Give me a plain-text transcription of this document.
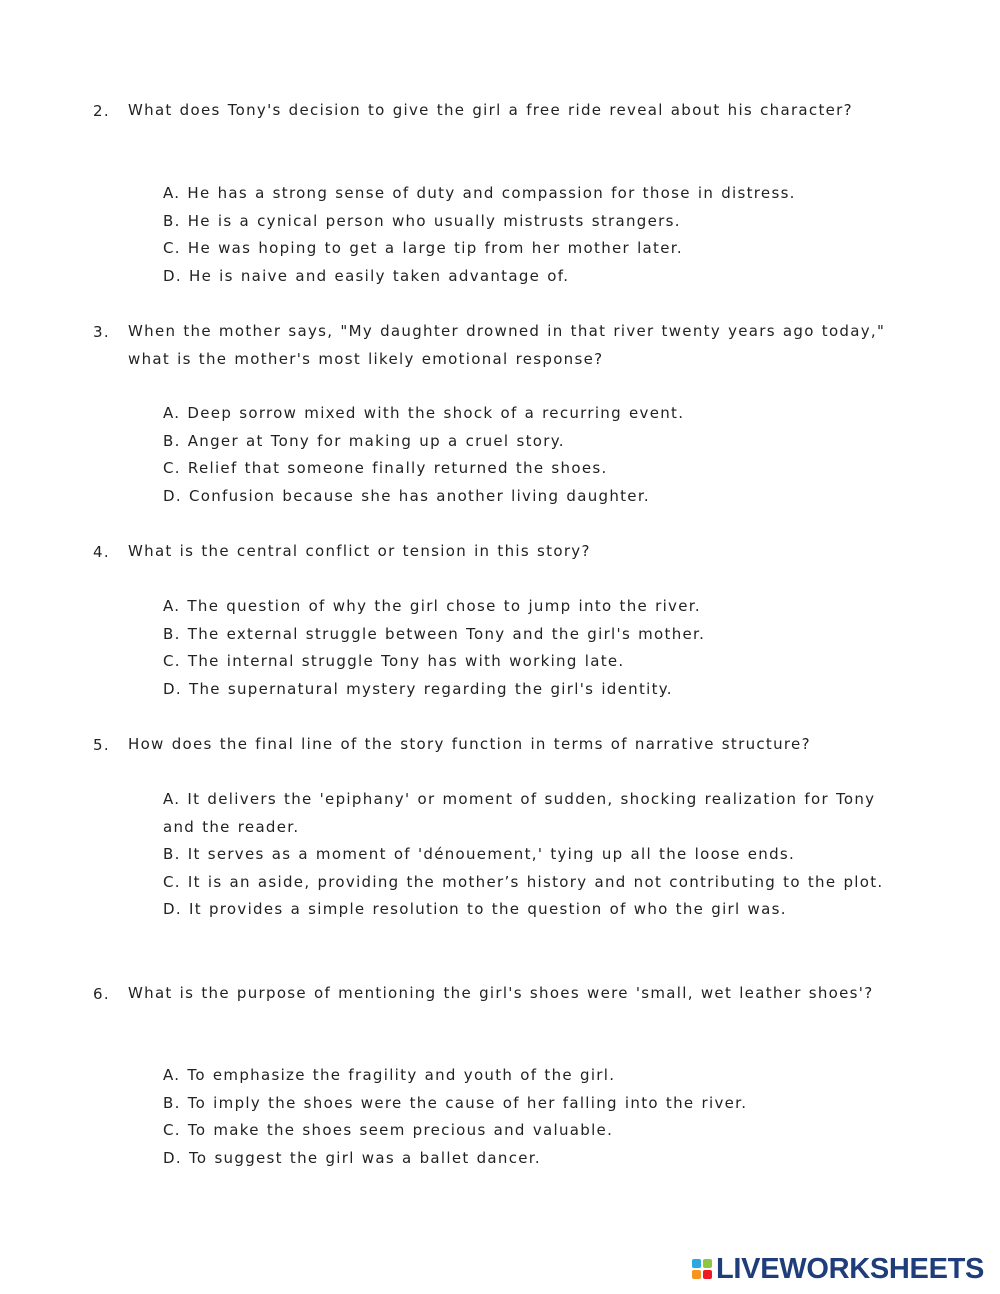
2. What does Tony's decision to give the girl a free ride reveal about his character?
A. He has a strong sense of duty and compassion for those in distress.
B. He is a cynical person who usually mistrusts strangers.
C. He was hoping to get a large tip from her mother later.
D. He is naive and easily taken advantage of.
3. When the mother says, "My daughter drowned in that river twenty years ago today," what is the mother's most likely emotional response?
A. Deep sorrow mixed with the shock of a recurring event.
B. Anger at Tony for making up a cruel story.
C. Relief that someone finally returned the shoes.
D. Confusion because she has another living daughter.
4. What is the central conflict or tension in this story?
A. The question of why the girl chose to jump into the river.
B. The external struggle between Tony and the girl's mother.
C. The internal struggle Tony has with working late.
D. The supernatural mystery regarding the girl's identity.
5. How does the final line of the story function in terms of narrative structure?
A. It delivers the 'epiphany' or moment of sudden, shocking realization for Tony and the reader.
B. It serves as a moment of 'dénouement,' tying up all the loose ends.
C. It is an aside, providing the mother’s history and not contributing to the plot.
D. It provides a simple resolution to the question of who the girl was.
6. What is the purpose of mentioning the girl's shoes were 'small, wet leather shoes'?
A. To emphasize the fragility and youth of the girl.
B. To imply the shoes were the cause of her falling into the river.
C. To make the shoes seem precious and valuable.
D. To suggest the girl was a ballet dancer.
LIVEWORKSHEETS
